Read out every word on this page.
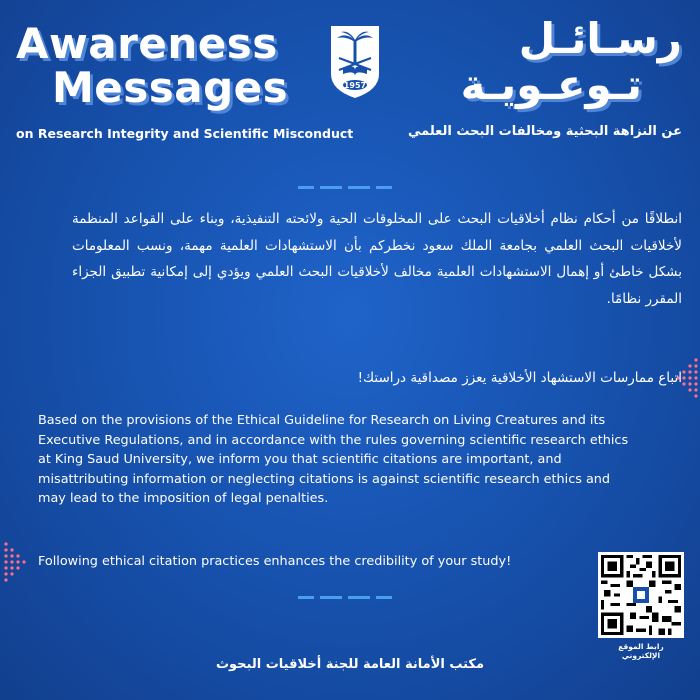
Awareness
Messages
on Research Integrity and Scientific Misconduct
1957
رسـائـل
تـوعـويـة
عن النزاهة البحثية ومخالفات البحث العلمي

انطلاقًا من أحكام نظام أخلاقيات البحث على المخلوقات الحية ولائحته التنفيذية، وبناء على القواعد المنظمة لأخلاقيات البحث العلمي بجامعة الملك سعود نخطركم بأن الاستشهادات العلمية مهمة، ونسب المعلومات بشكل خاطئ أو إهمال الاستشهادات العلمية مخالف لأخلاقيات البحث العلمي ويؤدي إلى إمكانية تطبيق الجزاء المقرر نظامًا.

اتباع ممارسات الاستشهاد الأخلاقية يعزز مصداقية دراستك!
Based on the provisions of the Ethical Guideline for Research on Living Creatures and its Executive Regulations, and in accordance with the rules governing scientific research ethics at King Saud University, we inform you that scientific citations are important, and misattributing information or neglecting citations is against scientific research ethics and may lead to the imposition of legal penalties.
Following ethical citation practices enhances the credibility of your study!
رابط الموقع الإلكتروني
مكتب الأمانة العامة للجنة أخلاقيات البحوث
